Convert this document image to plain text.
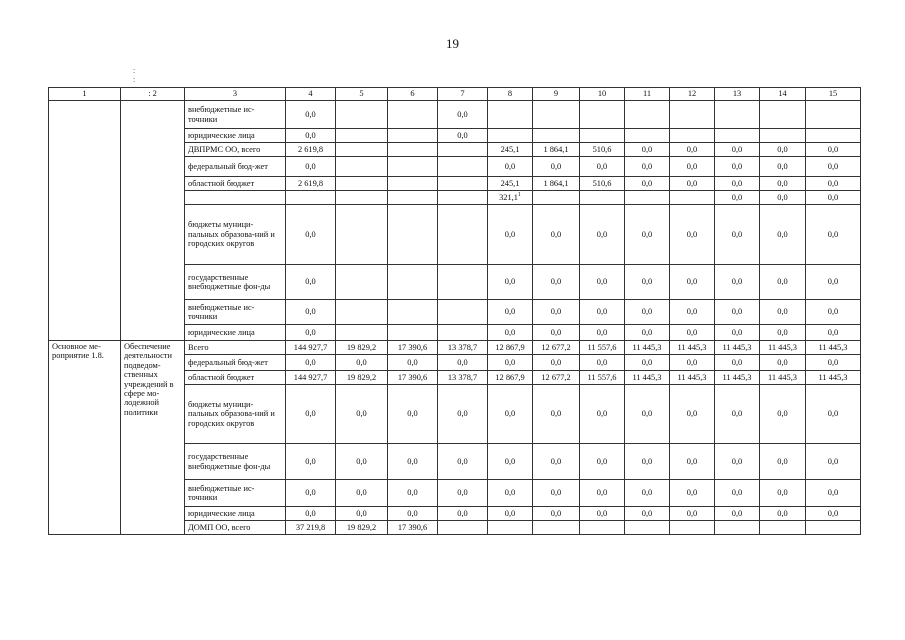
19
:
:
1	: 2	3	4	5	6	7	8	9	10	11	12	13	14	15
		внебюджетные ис-точники	0,0			0,0								
		юридические лица	0,0			0,0								
		ДВПРМС ОО, всего	2 619,8				245,1	1 864,1	510,6	0,0	0,0	0,0	0,0	0,0
		федеральный бюд-жет	0,0				0,0	0,0	0,0	0,0	0,0	0,0	0,0	0,0
		областной бюджет	2 619,8				245,1	1 864,1	510,6	0,0	0,0	0,0	0,0	0,0
							321,1$^1$					0,0	0,0	0,0
		бюджеты муници-пальных образова-ний и городских округов	0,0				0,0	0,0	0,0	0,0	0,0	0,0	0,0	0,0
		государственные внебюджетные фон-ды	0,0				0,0	0,0	0,0	0,0	0,0	0,0	0,0	0,0
		внебюджетные ис-точники	0,0				0,0	0,0	0,0	0,0	0,0	0,0	0,0	0,0
		юридические лица	0,0				0,0	0,0	0,0	0,0	0,0	0,0	0,0	0,0
Основное ме-роприятие 1.8.	Обеспечение деятельности подведом-ственных учреждений в сфере мо-лодежной политики	Всего	144 927,7	19 829,2	17 390,6	13 378,7	12 867,9	12 677,2	11 557,6	11 445,3	11 445,3	11 445,3	11 445,3	11 445,3
		федеральный бюд-жет	0,0	0,0	0,0	0,0	0,0	0,0	0,0	0,0	0,0	0,0	0,0	0,0
		областной бюджет	144 927,7	19 829,2	17 390,6	13 378,7	12 867,9	12 677,2	11 557,6	11 445,3	11 445,3	11 445,3	11 445,3	11 445,3
		бюджеты муници-пальных образова-ний и городских округов	0,0	0,0	0,0	0,0	0,0	0,0	0,0	0,0	0,0	0,0	0,0	0,0
		государственные внебюджетные фон-ды	0,0	0,0	0,0	0,0	0,0	0,0	0,0	0,0	0,0	0,0	0,0	0,0
		внебюджетные ис-точники	0,0	0,0	0,0	0,0	0,0	0,0	0,0	0,0	0,0	0,0	0,0	0,0
		юридические лица	0,0	0,0	0,0	0,0	0,0	0,0	0,0	0,0	0,0	0,0	0,0	0,0
		ДОМП ОО, всего	37 219,8	19 829,2	17 390,6									
